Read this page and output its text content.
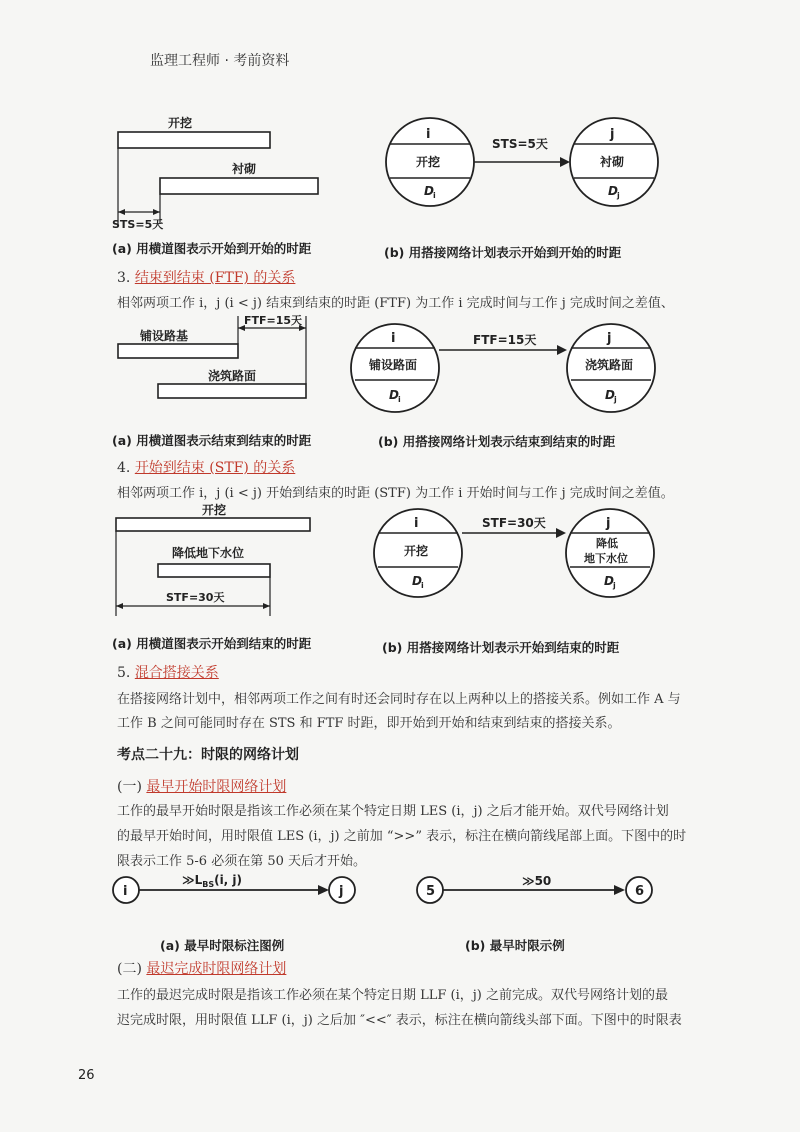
监理工程师 · 考前资料
开挖
衬砌
STS=5天
i
开挖
D i
STS=5天
j
衬砌
D j
(a) 用横道图表示开始到开始的时距	(b) 用搭接网络计划表示开始到开始的时距
3. 结束到结束 (FTF) 的关系
相邻两项工作 i，j (i < j) 结束到结束的时距 (FTF) 为工作 i 完成时间与工作 j 完成时间之差值、
铺设路基
浇筑路面
FTF=15天
i
铺设路面
D i
FTF=15天	j
浇筑路面
D j
(a) 用横道图表示结束到结束的时距	(b) 用搭接网络计划表示结束到结束的时距
4. 开始到结束 (STF) 的关系
相邻两项工作 i，j (i < j) 开始到结束的时距 (STF) 为工作 i 开始时间与工作 j 完成时间之差值。
开挖
降低地下水位
STF=30天
i
开挖
D i
STF=30天	j
降低
地下水位
D j
(a) 用横道图表示开始到结束的时距	(b) 用搭接网络计划表示开始到结束的时距
5. 混合搭接关系
在搭接网络计划中，相邻两项工作之间有时还会同时存在以上两种以上的搭接关系。例如工作 A 与
工作 B 之间可能同时存在 STS 和 FTF 时距，即开始到开始和结束到结束的搭接关系。
考点二十九：时限的网络计划
(一) 最早开始时限网络计划
工作的最早开始时限是指该工作必须在某个特定日期 LES (i，j) 之后才能开始。双代号网络计划
的最早开始时间，用时限值 LES (i，j) 之前加 “>>” 表示，标注在横向箭线尾部上面。下图中的时
限表示工作 5-6 必须在第 50 天后才开始。
i	j
$≫L_{BS}(i$, j)
5	6
≫50
(a) 最早时限标注图例	(b) 最早时限示例
(二) 最迟完成时限网络计划
工作的最迟完成时限是指该工作必须在某个特定日期 LLF (i，j) 之前完成。双代号网络计划的最
迟完成时限，用时限值 LLF (i，j) 之后加 ″<<″ 表示，标注在横向箭线头部下面。下图中的时限表
26
